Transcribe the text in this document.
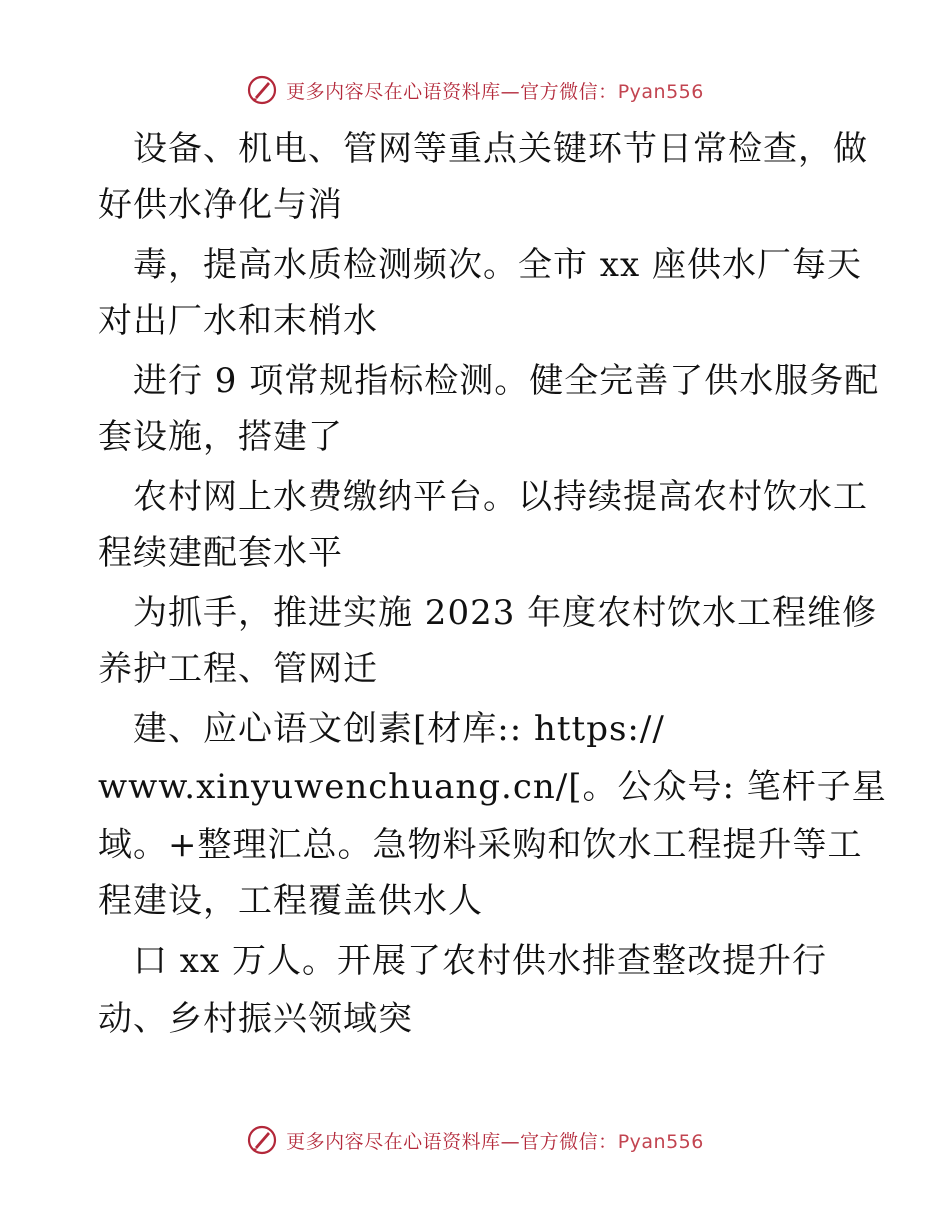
更多内容尽在心语资料库—官方微信：Pyan556
　设备、机电、管网等重点关键环节日常检查，做
好供水净化与消
　毒，提高水质检测频次。全市 xx 座供水厂每天
对出厂水和末梢水
　进行 9 项常规指标检测。健全完善了供水服务配
套设施，搭建了
　农村网上水费缴纳平台。以持续提高农村饮水工
程续建配套水平
　为抓手，推进实施 2023 年度农村饮水工程维修
养护工程、管网迁
　建、应心语文创素[材库:: https://
www.xinyuwenchuang.cn/[。公众号: 笔杆子星
域。+整理汇总。急物料采购和饮水工程提升等工
程建设，工程覆盖供水人
　口 xx 万人。开展了农村供水排查整改提升行
动、乡村振兴领域突
更多内容尽在心语资料库—官方微信：Pyan556
